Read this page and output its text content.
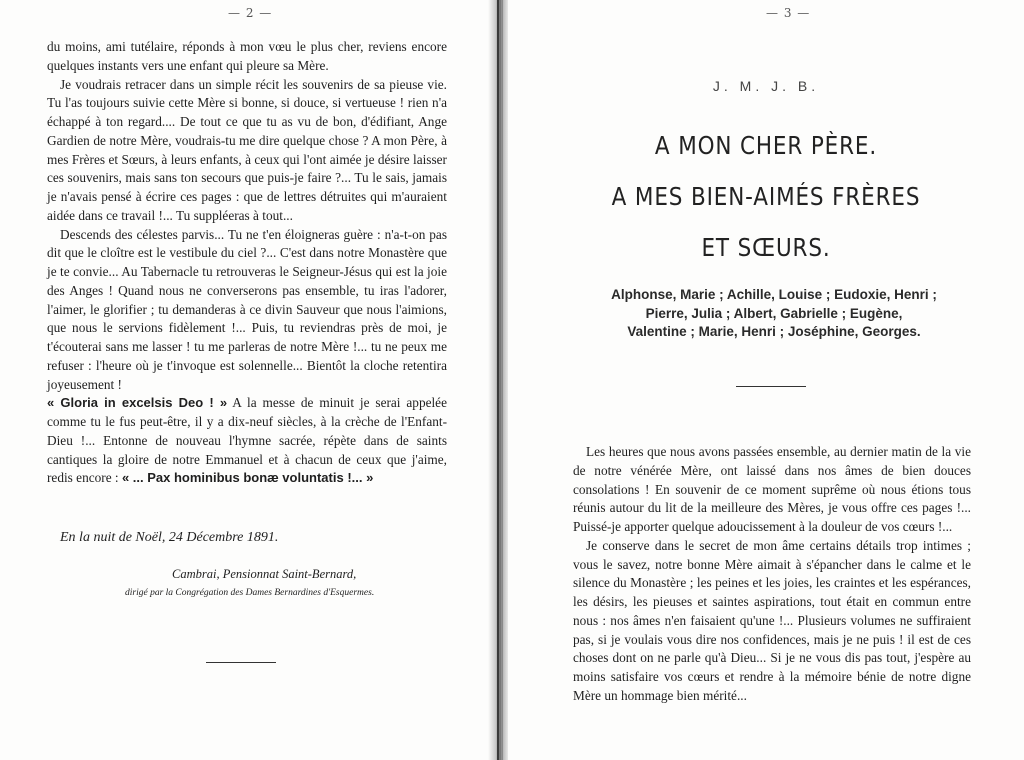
— 2 —

du moins, ami tutélaire, réponds à mon vœu le plus cher, reviens encore quelques instants vers une enfant qui pleure sa Mère.

Je voudrais retracer dans un simple récit les souvenirs de sa pieuse vie. Tu l'as toujours suivie cette Mère si bonne, si douce, si vertueuse ! rien n'a échappé à ton regard.... De tout ce que tu as vu de bon, d'édifiant, Ange Gardien de notre Mère, voudrais-tu me dire quelque chose ? A mon Père, à mes Frères et Sœurs, à leurs enfants, à ceux qui l'ont aimée je désire laisser ces souvenirs, mais sans ton secours que puis-je faire ?... Tu le sais, jamais je n'avais pensé à écrire ces pages : que de lettres détruites qui m'auraient aidée dans ce travail !... Tu suppléeras à tout...

Descends des célestes parvis... Tu ne t'en éloigneras guère : n'a-t-on pas dit que le cloître est le vestibule du ciel ?... C'est dans notre Monastère que je te convie... Au Tabernacle tu retrouveras le Seigneur-Jésus qui est la joie des Anges ! Quand nous ne converserons pas ensemble, tu iras l'adorer, l'aimer, le glorifier ; tu demanderas à ce divin Sauveur que nous l'aimions, que nous le servions fidèlement !... Puis, tu reviendras près de moi, je t'écouterai sans me lasser ! tu me parleras de notre Mère !... tu ne peux me refuser : l'heure où je t'invoque est solennelle... Bientôt la cloche retentira joyeusement !

« Gloria in excelsis Deo ! » A la messe de minuit je serai appelée comme tu le fus peut-être, il y a dix-neuf siècles, à la crèche de l'Enfant-Dieu !... Entonne de nouveau l'hymne sacrée, répète dans de saints cantiques la gloire de notre Emmanuel et à chacun de ceux que j'aime, redis encore : « ... Pax hominibus bonæ voluntatis !... »

En la nuit de Noël, 24 Décembre 1891.
Cambrai, Pensionnat Saint-Bernard,
dirigé par la Congrégation des Dames Bernardines d'Esquermes.
— 3 —
J. M. J. B.
A MON CHER PÈRE.
A MES BIEN-AIMÉS FRÈRES
ET SŒURS.
Alphonse, Marie ; Achille, Louise ; Eudoxie, Henri ;
Pierre, Julia ; Albert, Gabrielle ; Eugène,
Valentine ; Marie, Henri ; Joséphine, Georges.

Les heures que nous avons passées ensemble, au dernier matin de la vie de notre vénérée Mère, ont laissé dans nos âmes de bien douces consolations ! En souvenir de ce moment suprême où nous étions tous réunis autour du lit de la meilleure des Mères, je vous offre ces pages !... Puissé-je apporter quelque adoucissement à la douleur de vos cœurs !...

Je conserve dans le secret de mon âme certains détails trop intimes ; vous le savez, notre bonne Mère aimait à s'épancher dans le calme et le silence du Monastère ; les peines et les joies, les craintes et les espérances, les désirs, les pieuses et saintes aspirations, tout était en commun entre nous : nos âmes n'en faisaient qu'une !... Plusieurs volumes ne suffiraient pas, si je voulais vous dire nos confidences, mais je ne puis ! il est de ces choses dont on ne parle qu'à Dieu... Si je ne vous dis pas tout, j'espère au moins satisfaire vos cœurs et rendre à la mémoire bénie de notre digne Mère un hommage bien mérité...
